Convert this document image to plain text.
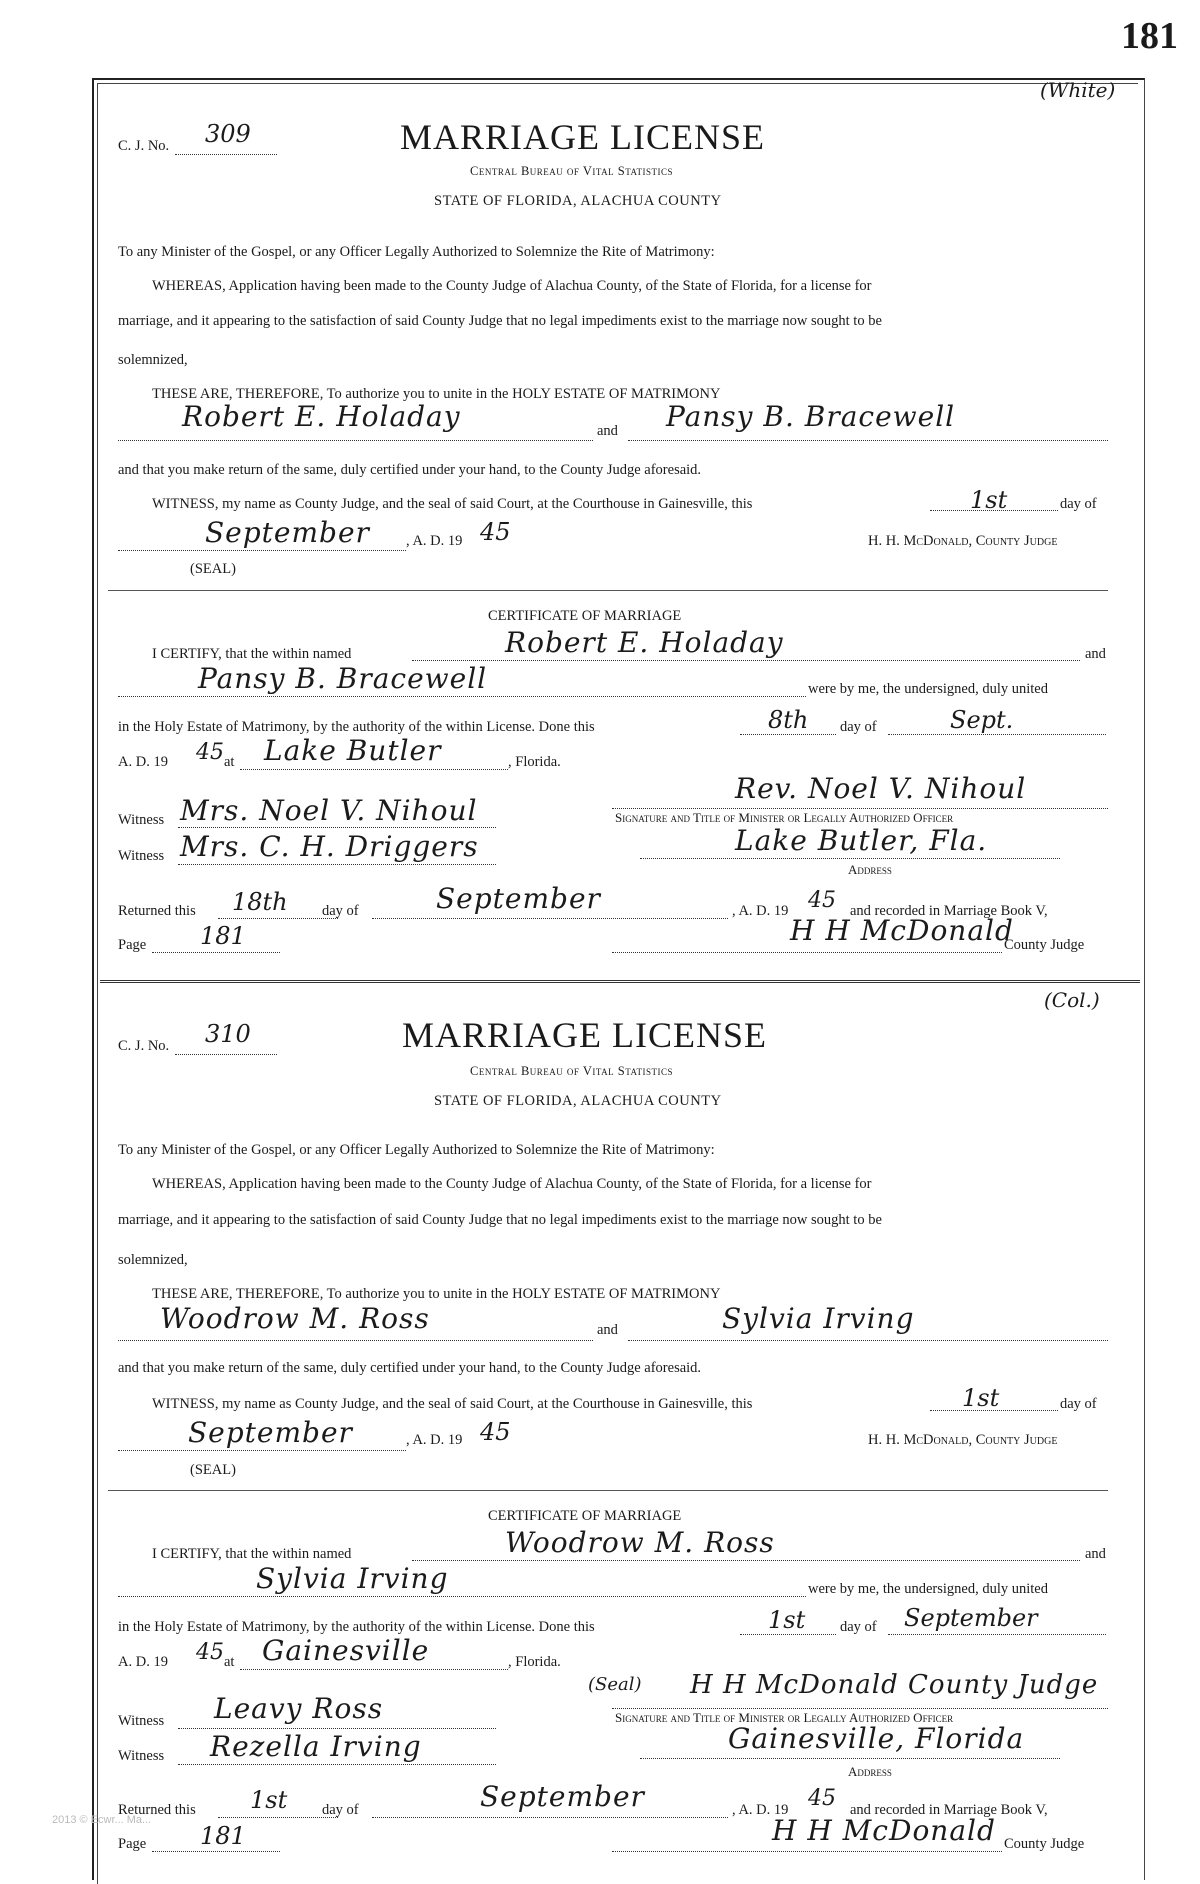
181
(White)
C. J. No. 309	MARRIAGE LICENSE
Central Bureau of Vital Statistics
STATE OF FLORIDA, ALACHUA COUNTY
To any Minister of the Gospel, or any Officer Legally Authorized to Solemnize the Rite of Matrimony:
WHEREAS, Application having been made to the County Judge of Alachua County, of the State of Florida, for a license for
marriage, and it appearing to the satisfaction of said County Judge that no legal impediments exist to the marriage now sought to be
solemnized,
THESE ARE, THEREFORE, To authorize you to unite in the HOLY ESTATE OF MATRIMONY
Robert E. Holaday	and Pansy B. Bracewell
and that you make return of the same, duly certified under your hand, to the County Judge aforesaid.
WITNESS, my name as County Judge, and the seal of said Court, at the Courthouse in Gainesville, this	1st	day of
September , A. D. 19 45	H. H. McDonald, County Judge
(SEAL)
CERTIFICATE OF MARRIAGE
I CERTIFY, that the within named	Robert E. Holaday	and
Pansy B. Bracewell	were by me, the undersigned, duly united
in the Holy Estate of Matrimony, by the authority of the within License. Done this	8th day of	Sept.
A. D. 19 45 at Lake Butler	, Florida.
Rev. Noel V. Nihoul
Witness Mrs. Noel V. Nihoul	Signature and Title of Minister or Legally Authorized Officer
Witness Mrs. C. H. Driggers	Lake Butler, Fla.
Address
Returned this 18th day of	September	, A. D. 19 45 and recorded in Marriage Book V,
Page 181	H H McDonald
County Judge
(Col.)
C. J. No. 310	MARRIAGE LICENSE
Central Bureau of Vital Statistics
STATE OF FLORIDA, ALACHUA COUNTY
To any Minister of the Gospel, or any Officer Legally Authorized to Solemnize the Rite of Matrimony:
WHEREAS, Application having been made to the County Judge of Alachua County, of the State of Florida, for a license for
marriage, and it appearing to the satisfaction of said County Judge that no legal impediments exist to the marriage now sought to be
solemnized,
THESE ARE, THEREFORE, To authorize you to unite in the HOLY ESTATE OF MATRIMONY
Woodrow M. Ross	and	Sylvia Irving
and that you make return of the same, duly certified under your hand, to the County Judge aforesaid.
WITNESS, my name as County Judge, and the seal of said Court, at the Courthouse in Gainesville, this	1st	day of
September	, A. D. 19 45	H. H. McDonald, County Judge
(SEAL)
CERTIFICATE OF MARRIAGE
I CERTIFY, that the within named	Woodrow M. Ross	and
Sylvia Irving	were by me, the undersigned, duly united
in the Holy Estate of Matrimony, by the authority of the within License. Done this	1st day of September
A. D. 19 45 at Gainesville	, Florida.
(Seal) H H McDonald County Judge
Witness Leavy Ross	Signature and Title of Minister or Legally Authorized Officer
Witness Rezella Irving	Gainesville, Florida
Address
Returned this 1st day of	September	, A. D. 19 45 and recorded in Marriage Book V,
Page 181	H H McDonald County Judge
2013 © Ecwr... Ma...
